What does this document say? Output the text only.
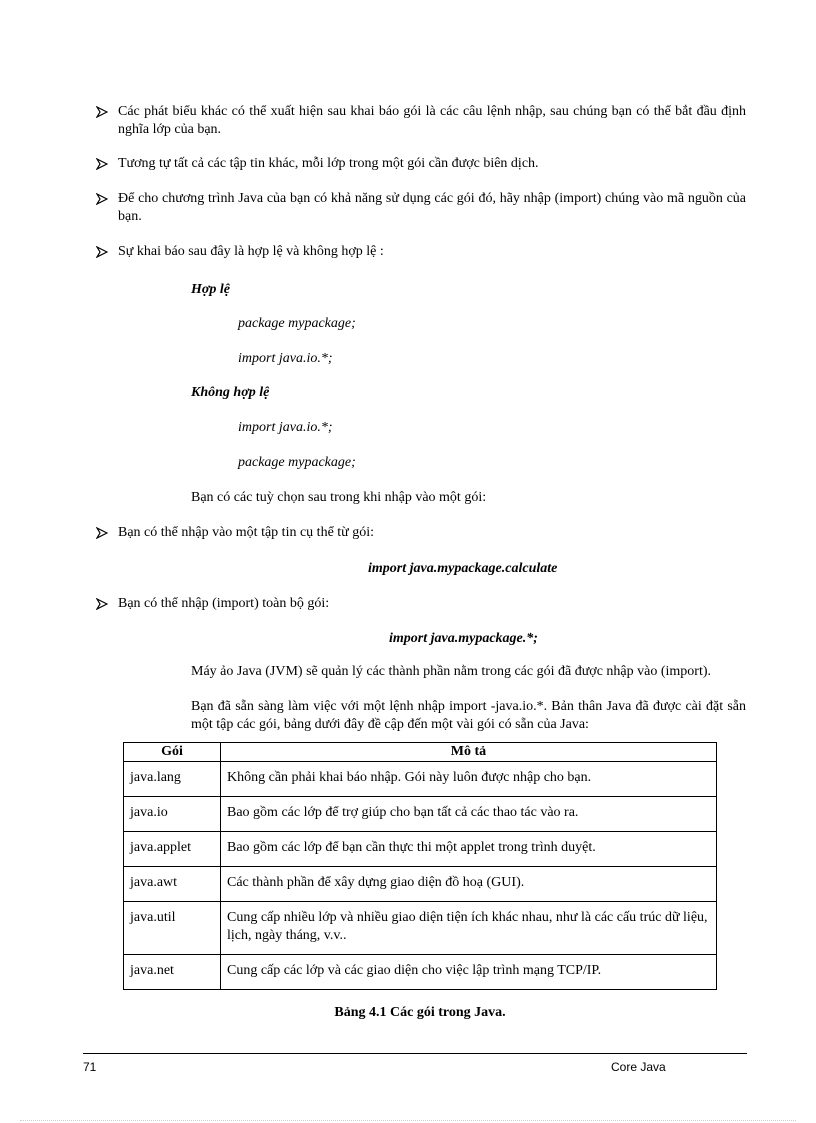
Các phát biểu khác có thể xuất hiện sau khai báo gói là các câu lệnh nhập, sau chúng bạn có thể bắt đầu định nghĩa lớp của bạn.
Tương tự tất cả các tập tin khác, mỗi lớp trong một gói cần được biên dịch.
Để cho chương trình Java của bạn có khả năng sử dụng các gói đó, hãy nhập (import) chúng vào mã nguồn của bạn.
Sự khai báo sau đây là hợp lệ và không hợp lệ :
Hợp lệ
package mypackage;
import java.io.*;
Không hợp lệ
import java.io.*;
package mypackage;
Bạn có các tuỳ chọn sau trong khi nhập vào một gói:
Bạn có thể nhập vào một tập tin cụ thể từ gói:
import java.mypackage.calculate
Bạn có thể nhập (import) toàn bộ gói:
import java.mypackage.*;
Máy ảo Java (JVM) sẽ quản lý các thành phần nằm trong các gói đã được nhập vào (import).
Bạn đã sẵn sàng làm việc với một lệnh nhập import -java.io.*. Bản thân Java đã được cài đặt sẵn một tập các gói, bảng dưới đây đề cập đến một vài gói có sẵn của Java:
Gói	Mô tả
java.lang	Không cần phải khai báo nhập. Gói này luôn được nhập cho bạn.
java.io	Bao gồm các lớp để trợ giúp cho bạn tất cả các thao tác vào ra.
java.applet	Bao gồm các lớp để bạn cần thực thi một applet trong trình duyệt.
java.awt	Các thành phần để xây dựng giao diện đồ hoạ (GUI).
java.util	Cung cấp nhiều lớp và nhiều giao diện tiện ích khác nhau, như là các cấu trúc dữ liệu, lịch, ngày tháng, v.v..
java.net	Cung cấp các lớp và các giao diện cho việc lập trình mạng TCP/IP.
Bảng 4.1 Các gói trong Java.
71	Core Java
